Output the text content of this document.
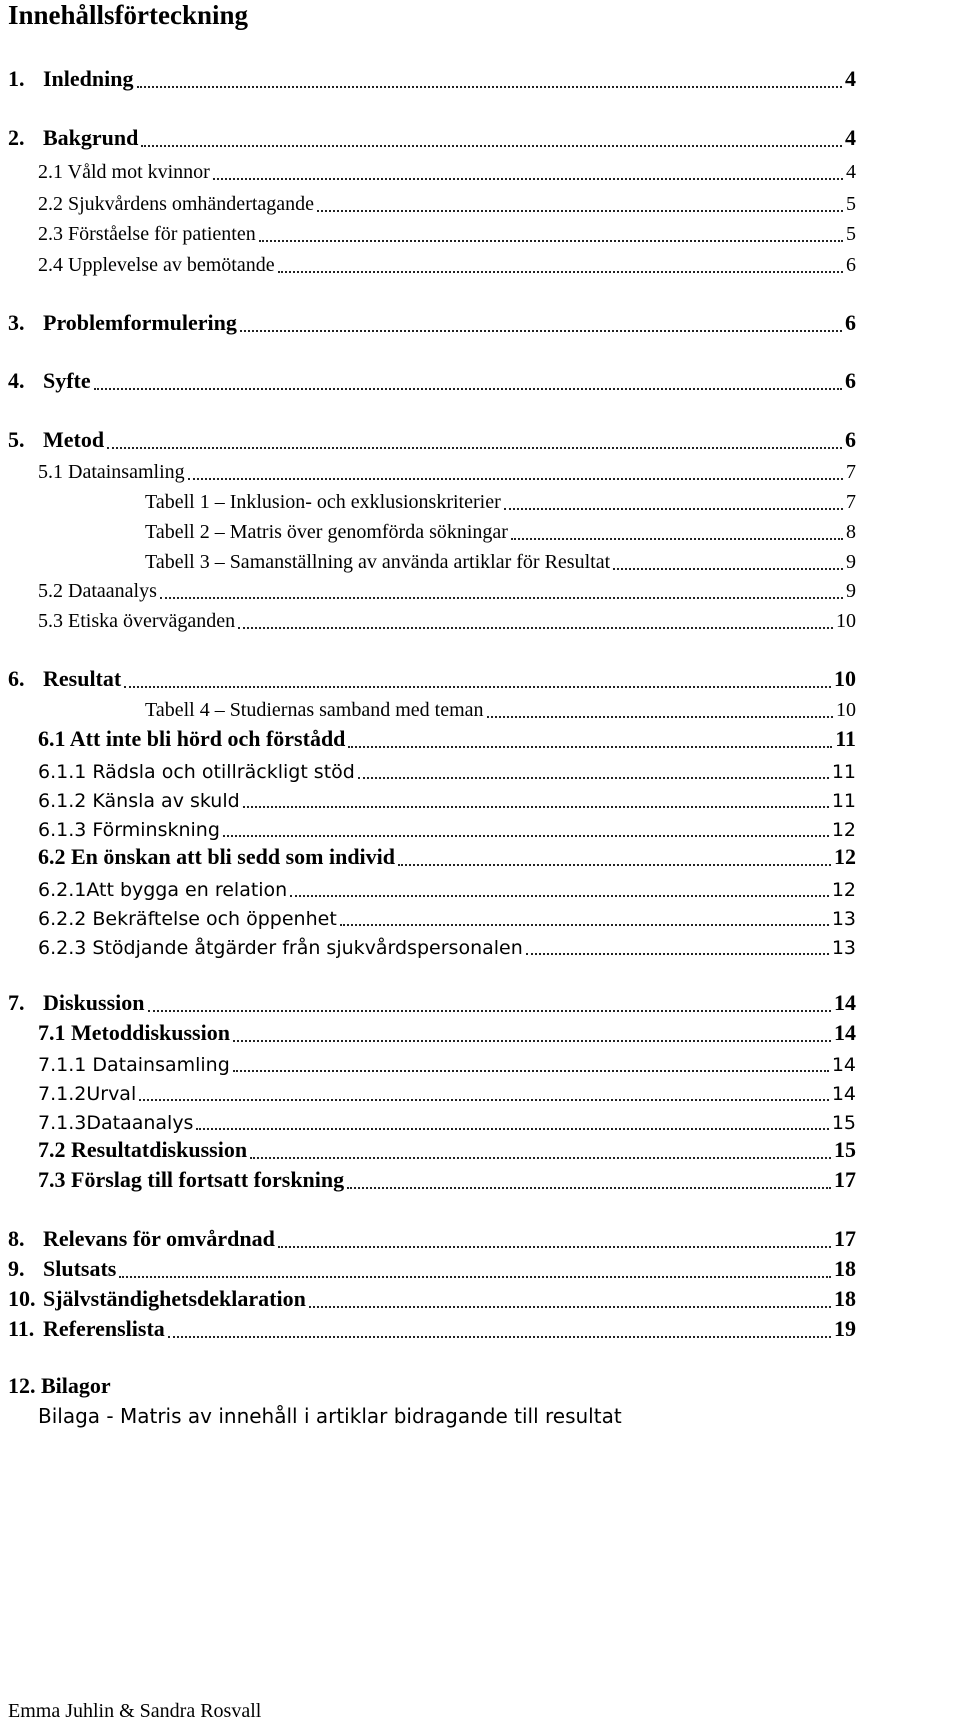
Innehållsförteckning
1. Inledning	4
2. Bakgrund	4
2.1 Våld mot kvinnor	4
2.2 Sjukvårdens omhändertagande	5
2.3 Förståelse för patienten	5
2.4 Upplevelse av bemötande	6
3. Problemformulering	6
4. Syfte	6
5. Metod	6
5.1 Datainsamling	7
Tabell 1 – Inklusion- och exklusionskriterier	7
Tabell 2 – Matris över genomförda sökningar	8
Tabell 3 – Samanställning av använda artiklar för Resultat	9
5.2 Dataanalys	9
5.3 Etiska överväganden	10
6. Resultat	10
Tabell 4 – Studiernas samband med teman	10
6.1 Att inte bli hörd och förstådd	11
6.1.1 Rädsla och otillräckligt stöd	11
6.1.2 Känsla av skuld	11
6.1.3 Förminskning	12
6.2 En önskan att bli sedd som individ	12
6.2.1Att bygga en relation	12
6.2.2 Bekräftelse och öppenhet	13
6.2.3 Stödjande åtgärder från sjukvårdspersonalen	13
7. Diskussion	14
7.1 Metoddiskussion	14
7.1.1 Datainsamling	14
7.1.2Urval	14
7.1.3Dataanalys	15
7.2 Resultatdiskussion	15
7.3 Förslag till fortsatt forskning	17
8. Relevans för omvårdnad	17
9. Slutsats	18
10. Självständighetsdeklaration	18
11. Referenslista	19
12. Bilagor
Bilaga - Matris av innehåll i artiklar bidragande till resultat
Emma Juhlin & Sandra Rosvall
